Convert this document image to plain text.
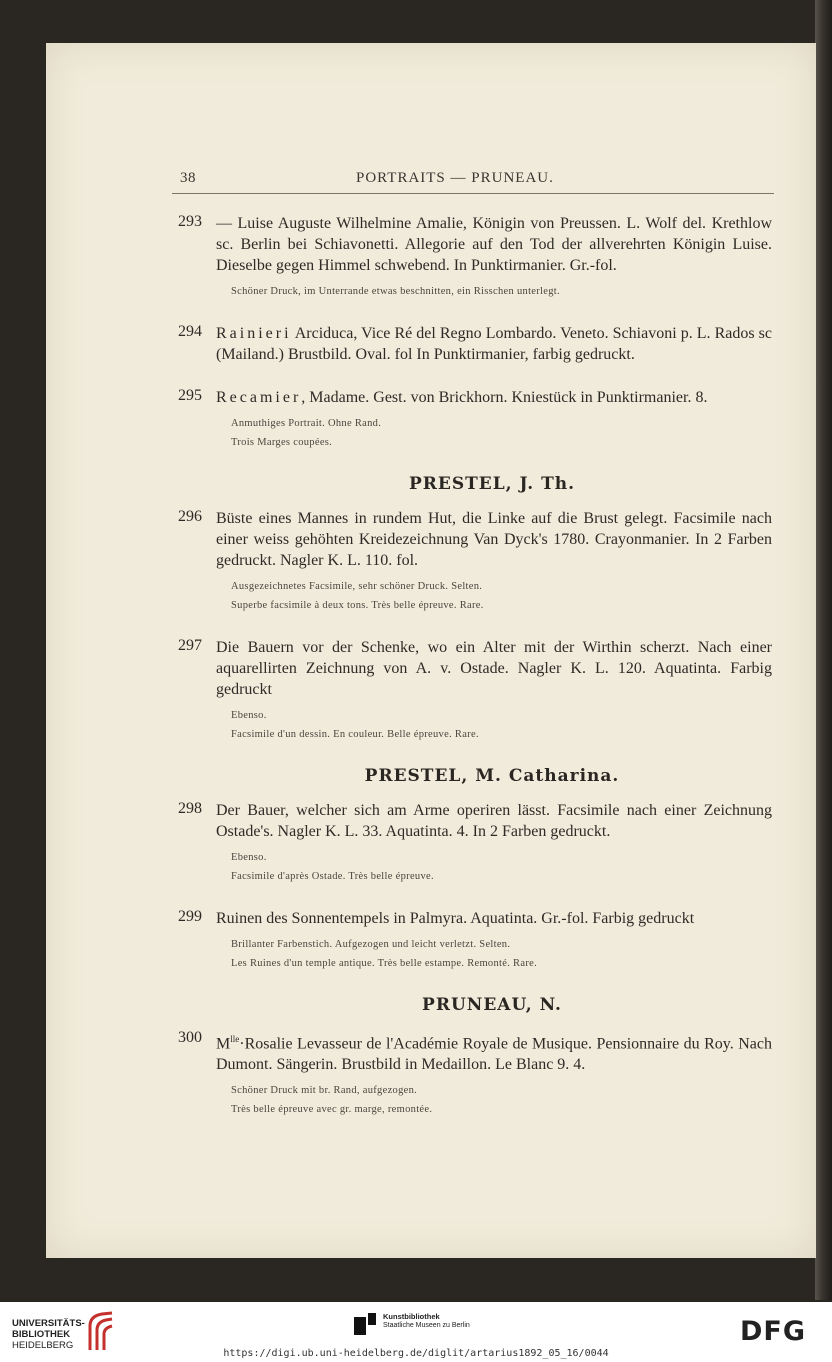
38	PORTRAITS — PRUNEAU.
293 — Luise Auguste Wilhelmine Amalie, Königin von Preussen. L. Wolf del. Krethlow sc. Berlin bei Schiavonetti. Allegorie auf den Tod der allverehrten Königin Luise. Dieselbe gegen Himmel schwebend. In Punktirmanier. Gr.-fol.
Schöner Druck, im Unterrande etwas beschnitten, ein Risschen unterlegt.
294 Rainieri Arciduca, Vice Ré del Regno Lombardo. Veneto. Schiavoni p. L. Rados sc (Mailand.) Brustbild. Oval. fol In Punktirmanier, farbig gedruckt.
295 Recamier, Madame. Gest. von Brickhorn. Kniestück in Punktirmanier. 8.
Anmuthiges Portrait. Ohne Rand.
Trois Marges coupées.
PRESTEL, J. Th.
296 Büste eines Mannes in rundem Hut, die Linke auf die Brust gelegt. Facsimile nach einer weiss gehöhten Kreidezeichnung Van Dyck's 1780. Crayonmanier. In 2 Farben gedruckt. Nagler K. L. 110. fol.
Ausgezeichnetes Facsimile, sehr schöner Druck. Selten.
Superbe facsimile à deux tons. Très belle épreuve. Rare.
297 Die Bauern vor der Schenke, wo ein Alter mit der Wirthin scherzt. Nach einer aquarellirten Zeichnung von A. v. Ostade. Nagler K. L. 120. Aquatinta. Farbig gedruckt
Ebenso.
Facsimile d'un dessin. En couleur. Belle épreuve. Rare.
PRESTEL, M. Catharina.
298 Der Bauer, welcher sich am Arme operiren lässt. Facsimile nach einer Zeichnung Ostade's. Nagler K. L. 33. Aquatinta. 4. In 2 Farben gedruckt.
Ebenso.
Facsimile d'après Ostade. Très belle épreuve.
299 Ruinen des Sonnentempels in Palmyra. Aquatinta. Gr.-fol. Farbig gedruckt
Brillanter Farbenstich. Aufgezogen und leicht verletzt. Selten.
Les Ruines d'un temple antique. Très belle estampe. Remonté. Rare.
PRUNEAU, N.
300 $M^{lle}\cdot Rosalie$ Levasseur de l'Académie Royale de Musique. Pensionnaire du Roy. Nach Dumont. Sängerin. Brustbild in Medaillon. Le Blanc 9. 4.
Schöner Druck mit br. Rand, aufgezogen.
Très belle épreuve avec gr. marge, remontée.
UNIVERSITÄTS-
BIBLIOTHEK
HEIDELBERG
Kunstbibliothek
Staatliche Museen zu Berlin	DFG
https://digi.ub.uni-heidelberg.de/diglit/artarius1892_05_16/0044
